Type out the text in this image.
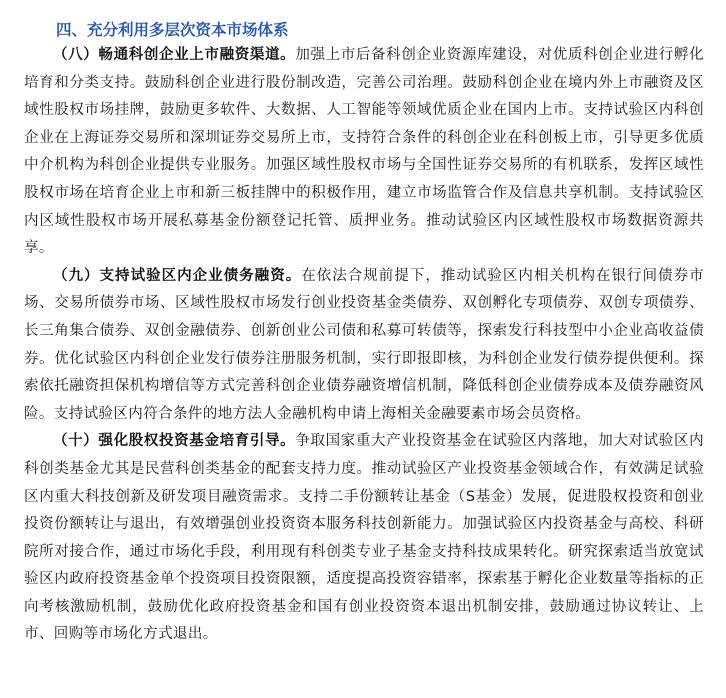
四、充分利用多层次资本市场体系

（八）畅通科创企业上市融资渠道。加强上市后备科创企业资源库建设，对优质科创企业进行孵化培育和分类支持。鼓励科创企业进行股份制改造，完善公司治理。鼓励科创企业在境内外上市融资及区域性股权市场挂牌，鼓励更多软件、大数据、人工智能等领域优质企业在国内上市。支持试验区内科创企业在上海证券交易所和深圳证券交易所上市，支持符合条件的科创企业在科创板上市，引导更多优质中介机构为科创企业提供专业服务。加强区域性股权市场与全国性证券交易所的有机联系，发挥区域性股权市场在培育企业上市和新三板挂牌中的积极作用，建立市场监管合作及信息共享机制。支持试验区内区域性股权市场开展私募基金份额登记托管、质押业务。推动试验区内区域性股权市场数据资源共享。

（九）支持试验区内企业债务融资。在依法合规前提下，推动试验区内相关机构在银行间债券市场、交易所债券市场、区域性股权市场发行创业投资基金类债券、双创孵化专项债券、双创专项债券、长三角集合债券、双创金融债券、创新创业公司债和私募可转债等，探索发行科技型中小企业高收益债券。优化试验区内科创企业发行债券注册服务机制，实行即报即核，为科创企业发行债券提供便利。探索依托融资担保机构增信等方式完善科创企业债券融资增信机制，降低科创企业债券成本及债券融资风险。支持试验区内符合条件的地方法人金融机构申请上海相关金融要素市场会员资格。

（十）强化股权投资基金培育引导。争取国家重大产业投资基金在试验区内落地，加大对试验区内科创类基金尤其是民营科创类基金的配套支持力度。推动试验区产业投资基金领域合作，有效满足试验区内重大科技创新及研发项目融资需求。支持二手份额转让基金（S基金）发展，促进股权投资和创业投资份额转让与退出，有效增强创业投资资本服务科技创新能力。加强试验区内投资基金与高校、科研院所对接合作，通过市场化手段，利用现有科创类专业子基金支持科技成果转化。研究探索适当放宽试验区内政府投资基金单个投资项目投资限额，适度提高投资容错率，探索基于孵化企业数量等指标的正向考核激励机制，鼓励优化政府投资基金和国有创业投资资本退出机制安排，鼓励通过协议转让、上市、回购等市场化方式退出。
